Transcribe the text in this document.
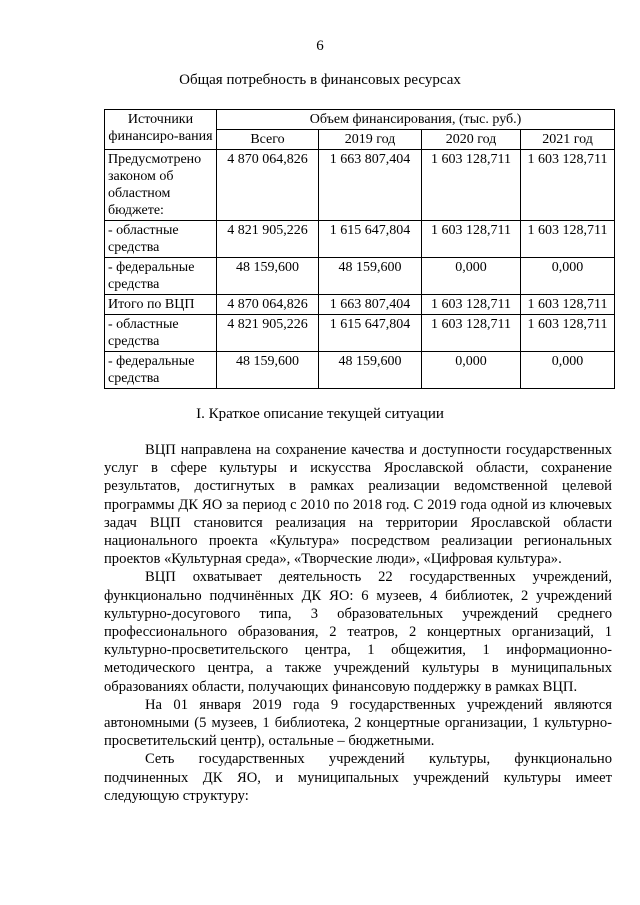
6
Общая потребность в финансовых ресурсах
Источники финансиро-вания	Объем финансирования, (тыс. руб.)			
	Всего	2019 год	2020 год	2021 год
Предусмотрено законом об областном бюджете:	4 870 064,826	1 663 807,404	1 603 128,711	1 603 128,711
- областные средства	4 821 905,226	1 615 647,804	1 603 128,711	1 603 128,711
- федеральные средства	48 159,600	48 159,600	0,000	0,000
Итого по ВЦП	4 870 064,826	1 663 807,404	1 603 128,711	1 603 128,711
- областные средства	4 821 905,226	1 615 647,804	1 603 128,711	1 603 128,711
- федеральные средства	48 159,600	48 159,600	0,000	0,000
I. Краткое описание текущей ситуации

ВЦП направлена на сохранение качества и доступности государственных услуг в сфере культуры и искусства Ярославской области, сохранение результатов, достигнутых в рамках реализации ведомственной целевой программы ДК ЯО за период с 2010 по 2018 год. С 2019 года одной из ключевых задач ВЦП становится реализация на территории Ярославской области национального проекта «Культура» посредством реализации региональных проектов «Культурная среда», «Творческие люди», «Цифровая культура».

ВЦП охватывает деятельность 22 государственных учреждений, функционально подчинённых ДК ЯО: 6 музеев, 4 библиотек, 2 учреждений культурно-досугового типа, 3 образовательных учреждений среднего профессионального образования, 2 театров, 2 концертных организаций, 1 культурно-просветительского центра, 1 общежития, 1 информационно-методического центра, а также учреждений культуры в муниципальных образованиях области, получающих финансовую поддержку в рамках ВЦП.

На 01 января 2019 года 9 государственных учреждений являются автономными (5 музеев, 1 библиотека, 2 концертные организации, 1 культурно-просветительский центр), остальные – бюджетными.

Сеть государственных учреждений культуры, функционально подчиненных ДК ЯО, и муниципальных учреждений культуры имеет следующую структуру:
